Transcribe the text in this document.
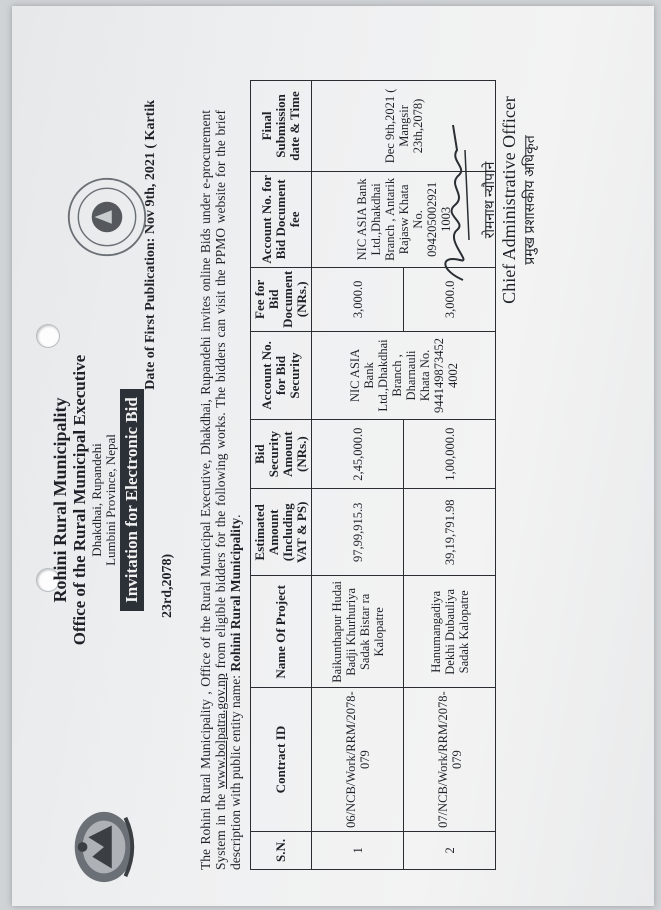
Rohini Rural Municipality Office of the Rural Municipal Executive Dhakdhai, Rupandehi Lumbini Province, Nepal Invitation for Electronic Bid
Date of First Publication: Nov 9th, 2021 ( Kartik
23rd,2078) The Rohini Rural Municipality , Office of the Rural Municipal Executive, Dhakdhai, Rupandehi invites online Bids under e-procurement System in the www.bolpatra.gov.np from eligible bidders for the following works. The bidders can visit the PPMO website for the brief description with public entity name: Rohini Rural Municipality.
S.N.	Contract ID	Name Of Project	Estimated Amount (Including VAT & PS)	Bid Security Amount (NRs.)	Account No. for Bid Security	Fee for Bid Document (NRs.)	Account No. for Bid Document fee	Final Submission date & Time
1	06/NCB/Work/RRM/2078-079	Baikunthapur Hudai Badji Khurhuriya Sadak Bistar ra Kalopatre	97,99,915.3	2,45,000.0	NIC ASIA Bank Ltd.,Dhakdhai Branch , Dharnauli Khata No. 944149873452 4002	3,000.0	NIC ASIA Bank Ltd.,Dhakdhai Branch , Antarik Rajasw Khata No. 094205002921 1003	Dec 9th,2021 ( Mangsir 23th,2078)
2	07/NCB/Work/RRM/2078-079	Hanumangadiya Dekhi Dubauliya Sadak Kalopatre	39,19,791.98	1,00,000.0		3,000.0		
रोमनाथ न्यौपाने Chief Administrative Officer प्रमुख प्रशासकीय अधिकृत
